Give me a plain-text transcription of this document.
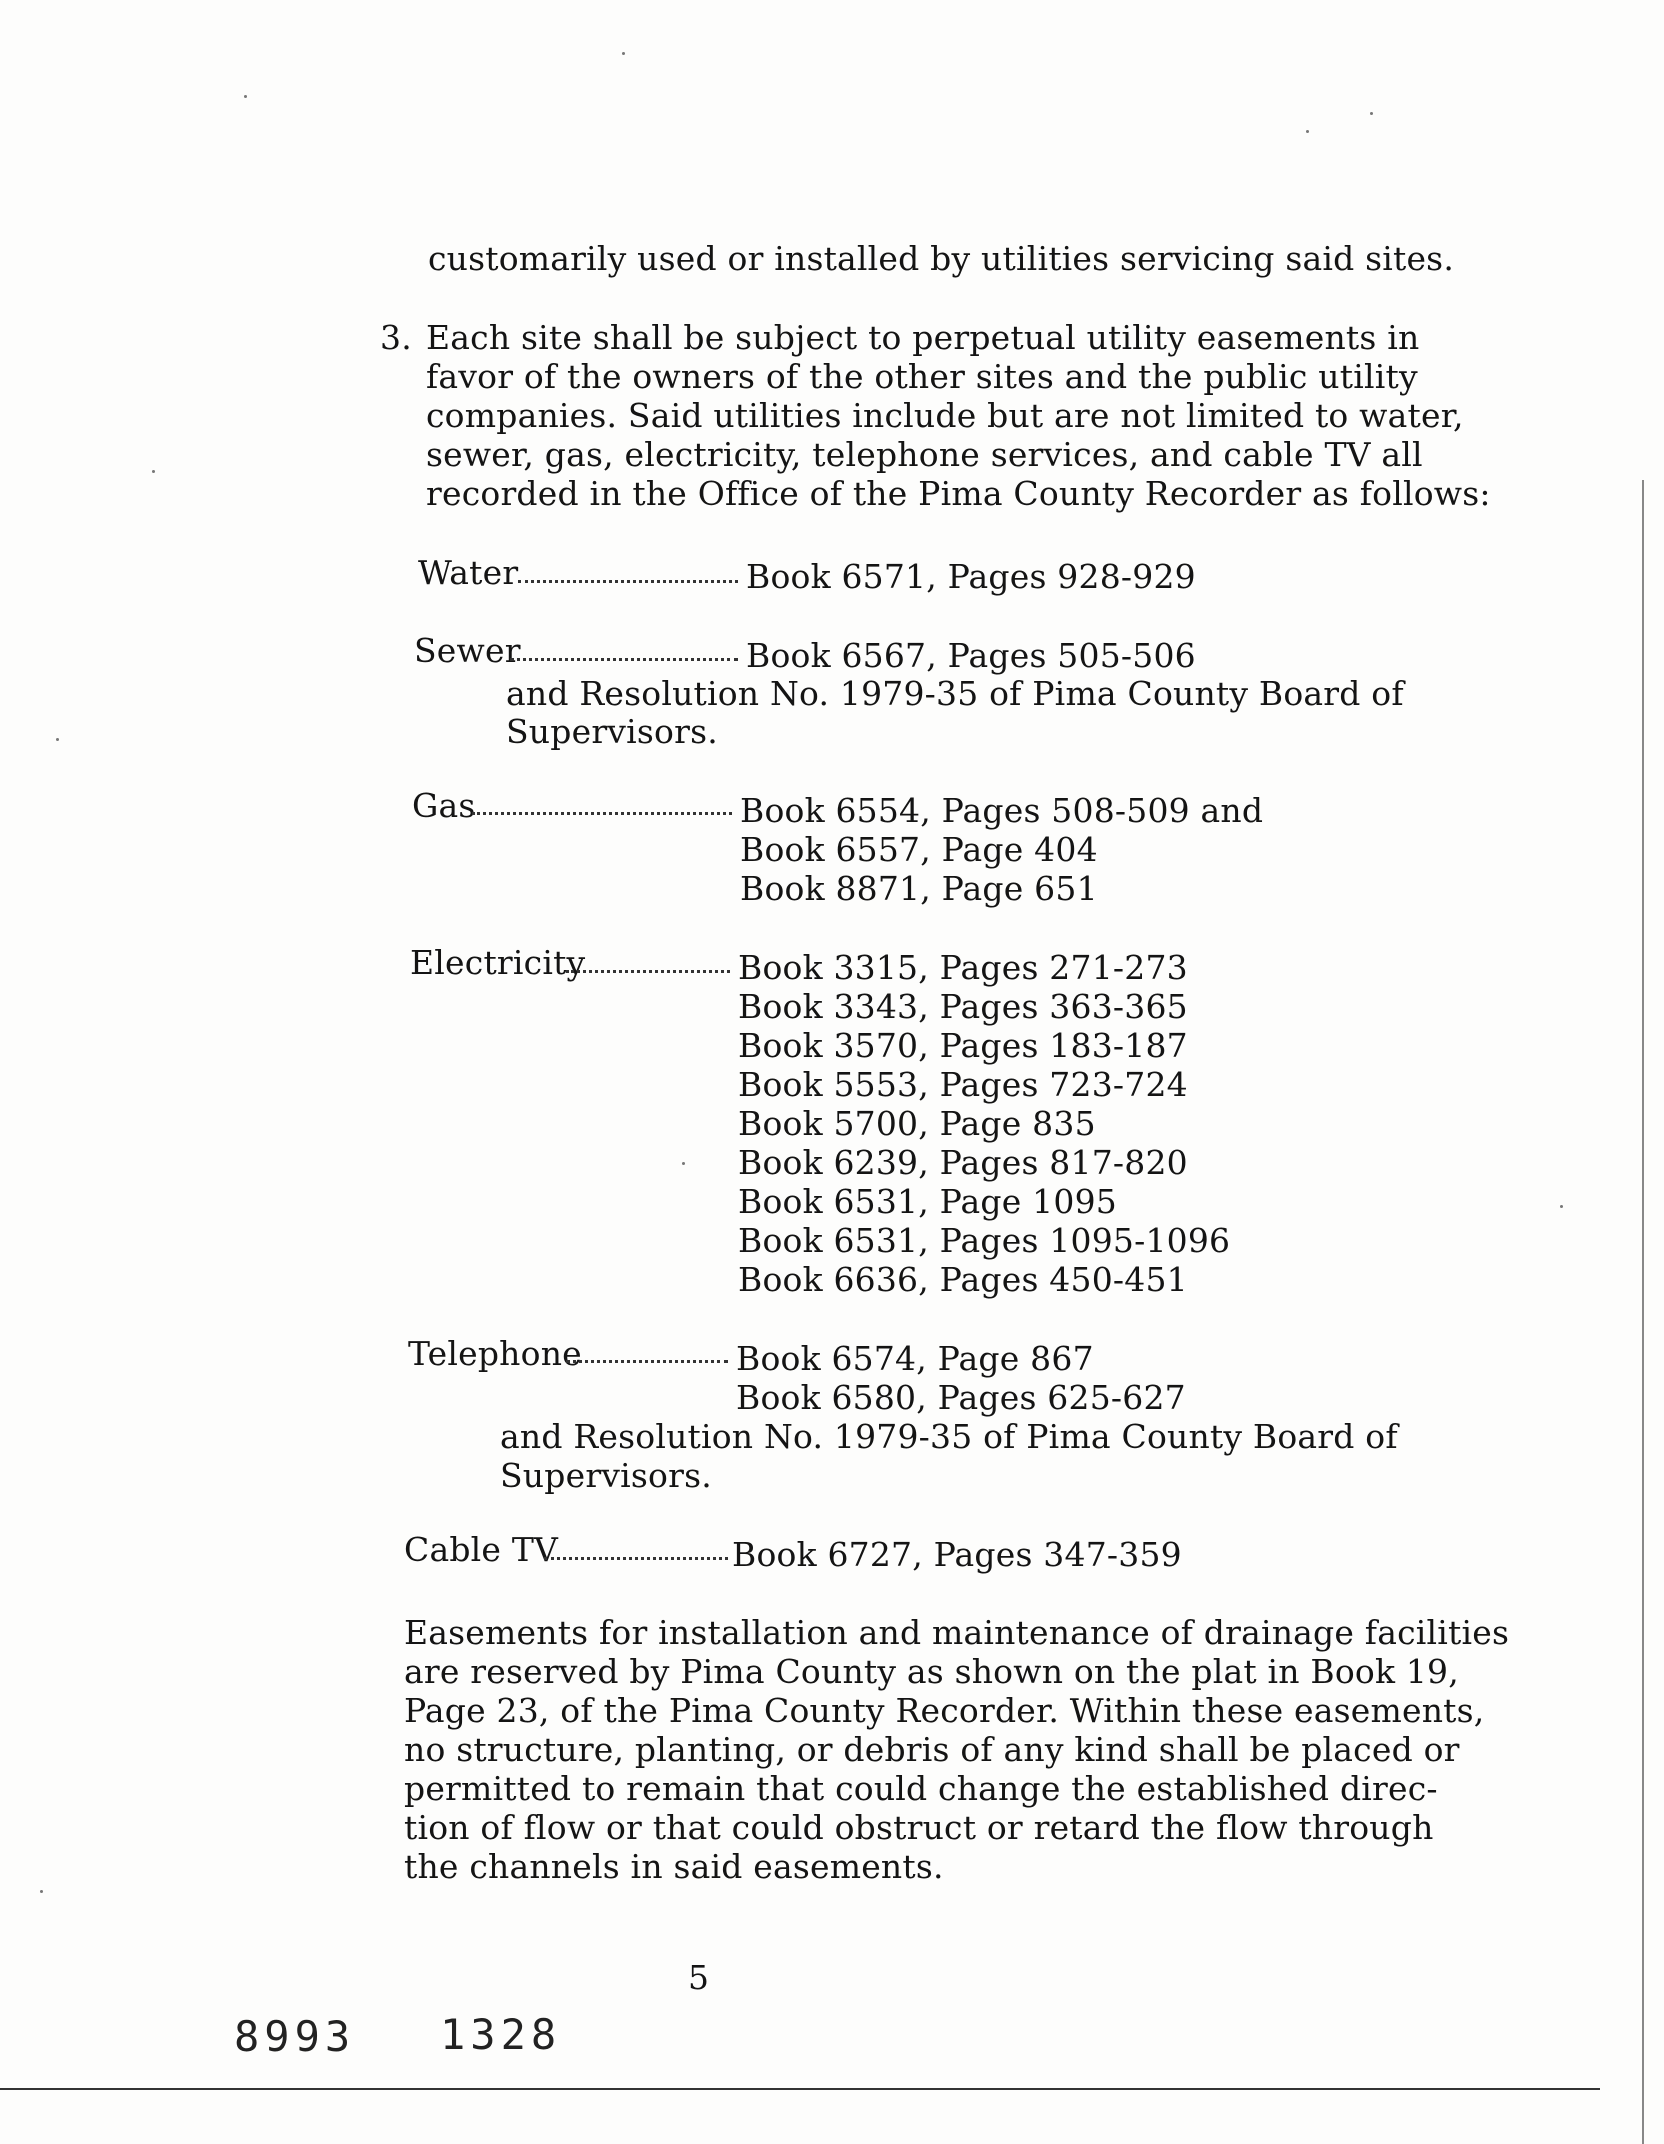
customarily used or installed by utilities servicing said sites.
3. Each site shall be subject to perpetual utility easements in
favor of the owners of the other sites and the public utility
companies. Said utilities include but are not limited to water,
sewer, gas, electricity, telephone services, and cable TV all
recorded in the Office of the Pima County Recorder as follows:
Water	Book 6571, Pages 928-929
Sewer	Book 6567, Pages 505-506
and Resolution No. 1979-35 of Pima County Board of
Supervisors.
Gas	Book 6554, Pages 508-509 and
Book 6557, Page 404
Book 8871, Page 651
Electricity	Book 3315, Pages 271-273
Book 3343, Pages 363-365
Book 3570, Pages 183-187
Book 5553, Pages 723-724
Book 5700, Page 835
Book 6239, Pages 817-820
Book 6531, Page 1095
Book 6531, Pages 1095-1096
Book 6636, Pages 450-451
Telephone	Book 6574, Page 867
Book 6580, Pages 625-627
and Resolution No. 1979-35 of Pima County Board of
Supervisors.
Cable TV	Book 6727, Pages 347-359
Easements for installation and maintenance of drainage facilities
are reserved by Pima County as shown on the plat in Book 19,
Page 23, of the Pima County Recorder. Within these easements,
no structure, planting, or debris of any kind shall be placed or
permitted to remain that could change the established direc-
tion of flow or that could obstruct or retard the flow through
the channels in said easements.
5
8993 1328
